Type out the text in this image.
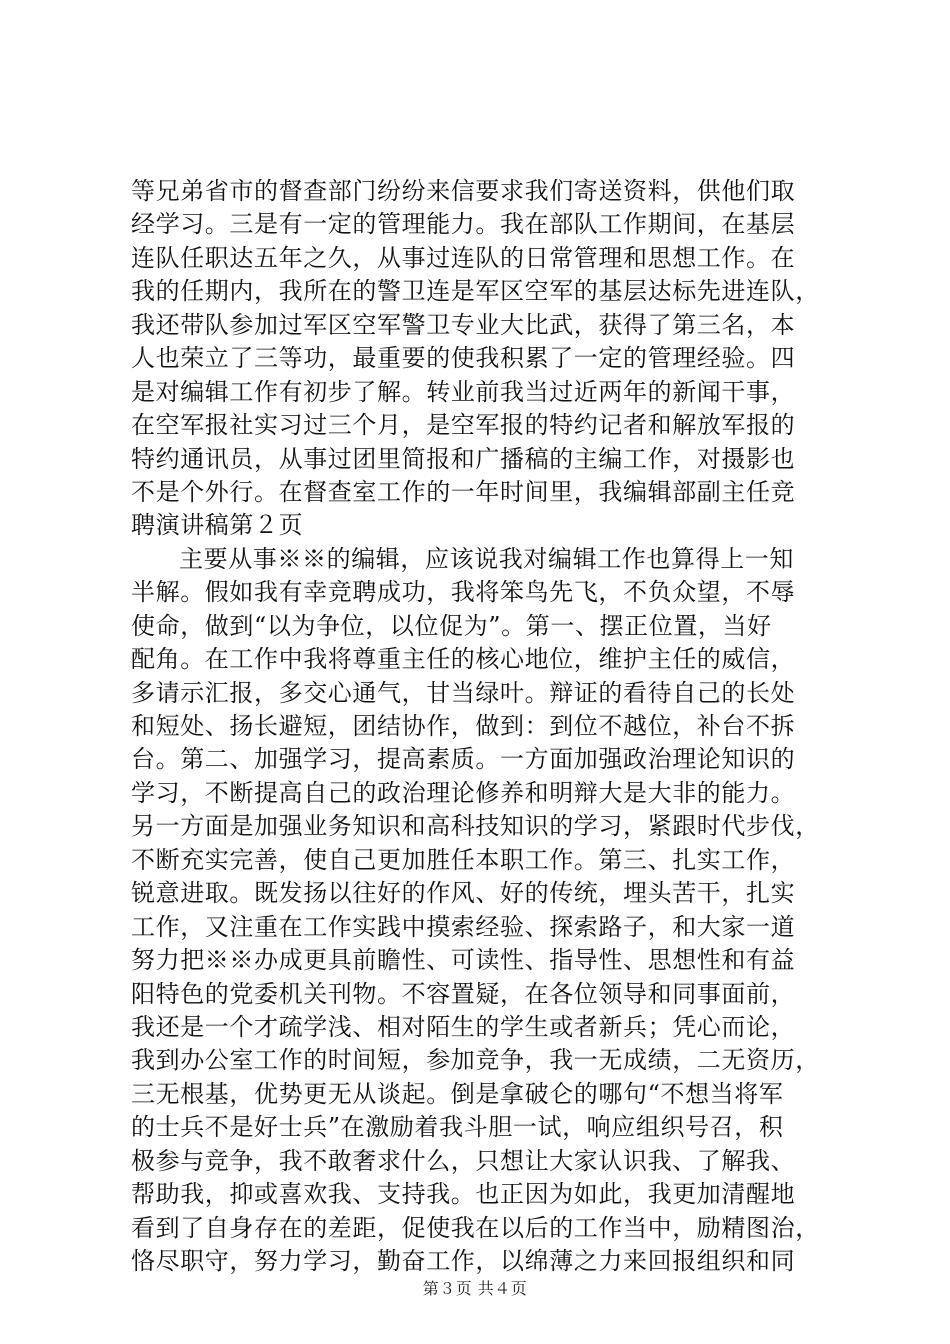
等兄弟省市的督查部门纷纷来信要求我们寄送资料，供他们取
经学习。三是有一定的管理能力。我在部队工作期间，在基层
连队任职达五年之久，从事过连队的日常管理和思想工作。在
我的任期内，我所在的警卫连是军区空军的基层达标先进连队，
我还带队参加过军区空军警卫专业大比武，获得了第三名，本
人也荣立了三等功，最重要的使我积累了一定的管理经验。四
是对编辑工作有初步了解。转业前我当过近两年的新闻干事，
在空军报社实习过三个月，是空军报的特约记者和解放军报的
特约通讯员，从事过团里简报和广播稿的主编工作，对摄影也
不是个外行。在督查室工作的一年时间里，我编辑部副主任竞
聘演讲稿第２页
主要从事※※的编辑，应该说我对编辑工作也算得上一知
半解。假如我有幸竞聘成功，我将笨鸟先飞，不负众望，不辱
使命，做到“以为争位，以位促为”。第一、摆正位置，当好
配角。在工作中我将尊重主任的核心地位，维护主任的威信，
多请示汇报，多交心通气，甘当绿叶。辩证的看待自己的长处
和短处、扬长避短，团结协作，做到：到位不越位，补台不拆
台。第二、加强学习，提高素质。一方面加强政治理论知识的
学习，不断提高自己的政治理论修养和明辩大是大非的能力。
另一方面是加强业务知识和高科技知识的学习，紧跟时代步伐，
不断充实完善，使自己更加胜任本职工作。第三、扎实工作，
锐意进取。既发扬以往好的作风、好的传统，埋头苦干，扎实
工作，又注重在工作实践中摸索经验、探索路子，和大家一道
努力把※※办成更具前瞻性、可读性、指导性、思想性和有益
阳特色的党委机关刊物。不容置疑，在各位领导和同事面前，
我还是一个才疏学浅、相对陌生的学生或者新兵；凭心而论，
我到办公室工作的时间短，参加竞争，我一无成绩，二无资历，
三无根基，优势更无从谈起。倒是拿破仑的哪句“不想当将军
的士兵不是好士兵”在激励着我斗胆一试，响应组织号召，积
极参与竞争，我不敢奢求什么，只想让大家认识我、了解我、
帮助我，抑或喜欢我、支持我。也正因为如此，我更加清醒地
看到了自身存在的差距，促使我在以后的工作当中，励精图治，
恪尽职守，努力学习，勤奋工作，以绵薄之力来回报组织和同
第３页 共４页
